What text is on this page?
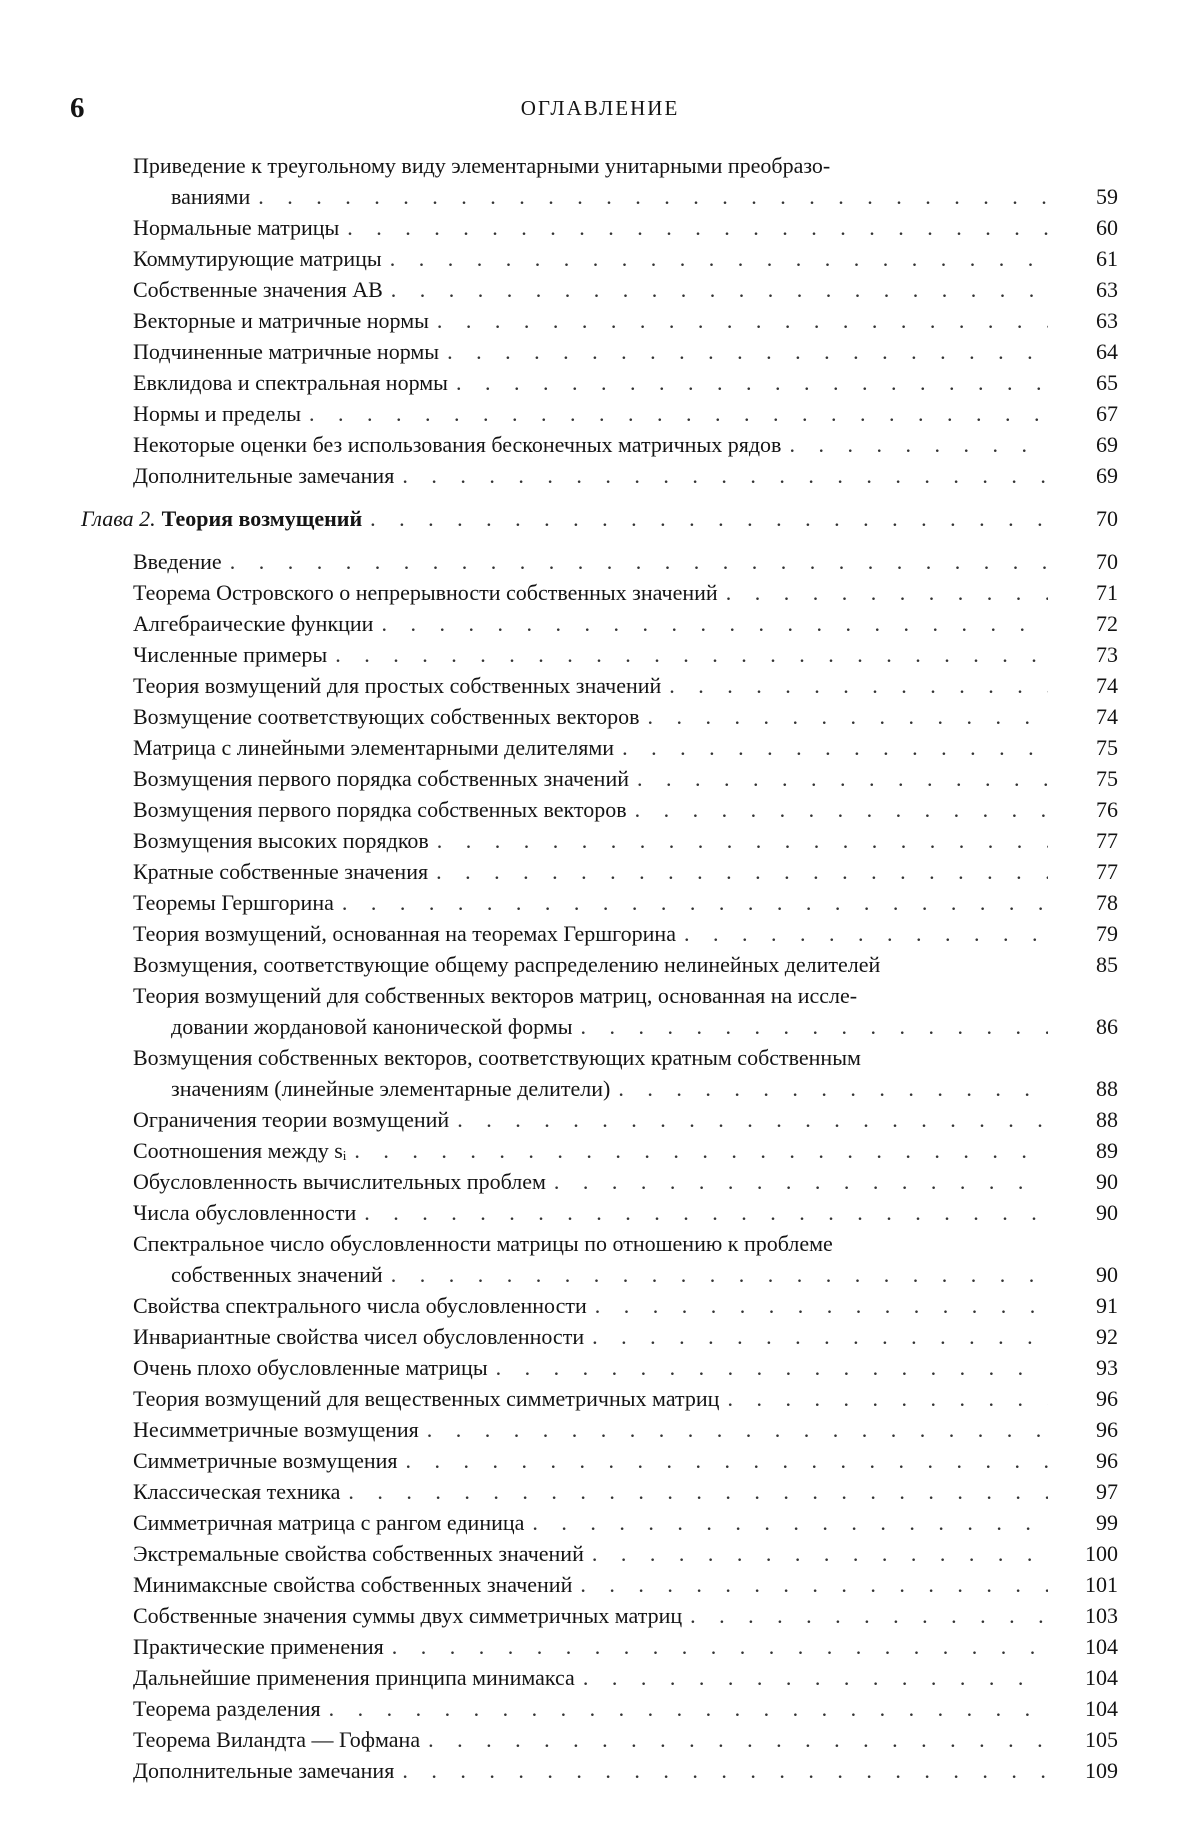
6	ОГЛАВЛЕНИЕ
Приведение к треугольному виду элементарными унитарными преобразо-
ваниями . . .	59
Нормальные матрицы . . .	60
Коммутирующие матрицы . . .	61
Собственные значения AB . . .	63
Векторные и матричные нормы . . .	63
Подчиненные матричные нормы . . .	64
Евклидова и спектральная нормы . . .	65
Нормы и пределы . . .	67
Некоторые оценки без использования бесконечных матричных рядов . . .	69
Дополнительные замечания . . .	69
Глава 2. Теория возмущений . . .	70
Введение . . .	70
Теорема Островского о непрерывности собственных значений . . .	71
Алгебраические функции . . .	72
Численные примеры . . .	73
Теория возмущений для простых собственных значений . . .	74
Возмущение соответствующих собственных векторов . . .	74
Матрица с линейными элементарными делителями . . .	75
Возмущения первого порядка собственных значений . . .	75
Возмущения первого порядка собственных векторов . . .	76
Возмущения высоких порядков . . .	77
Кратные собственные значения . . .	77
Теоремы Гершгорина . . .	78
Теория возмущений, основанная на теоремах Гершгорина . . .	79
Возмущения, соответствующие общему распределению нелинейных делителей	85
Теория возмущений для собственных векторов матриц, основанная на иссле-
довании жордановой канонической формы . . .	86
Возмущения собственных векторов, соответствующих кратным собственным
значениям (линейные элементарные делители) . . .	88
Ограничения теории возмущений . . .	88
Соотношения между sᵢ . . .	89
Обусловленность вычислительных проблем . . .	90
Числа обусловленности . . .	90
Спектральное число обусловленности матрицы по отношению к проблеме
собственных значений . . .	90
Свойства спектрального числа обусловленности . . .	91
Инвариантные свойства чисел обусловленности . . .	92
Очень плохо обусловленные матрицы . . .	93
Теория возмущений для вещественных симметричных матриц . . .	96
Несимметричные возмущения . . .	96
Симметричные возмущения . . .	96
Классическая техника . . .	97
Симметричная матрица с рангом единица . . .	99
Экстремальные свойства собственных значений . . .	100
Минимаксные свойства собственных значений . . .	101
Собственные значения суммы двух симметричных матриц . . .	103
Практические применения . . .	104
Дальнейшие применения принципа минимакса . . .	104
Теорема разделения . . .	104
Теорема Виландта — Гофмана . . .	105
Дополнительные замечания . . .	109
